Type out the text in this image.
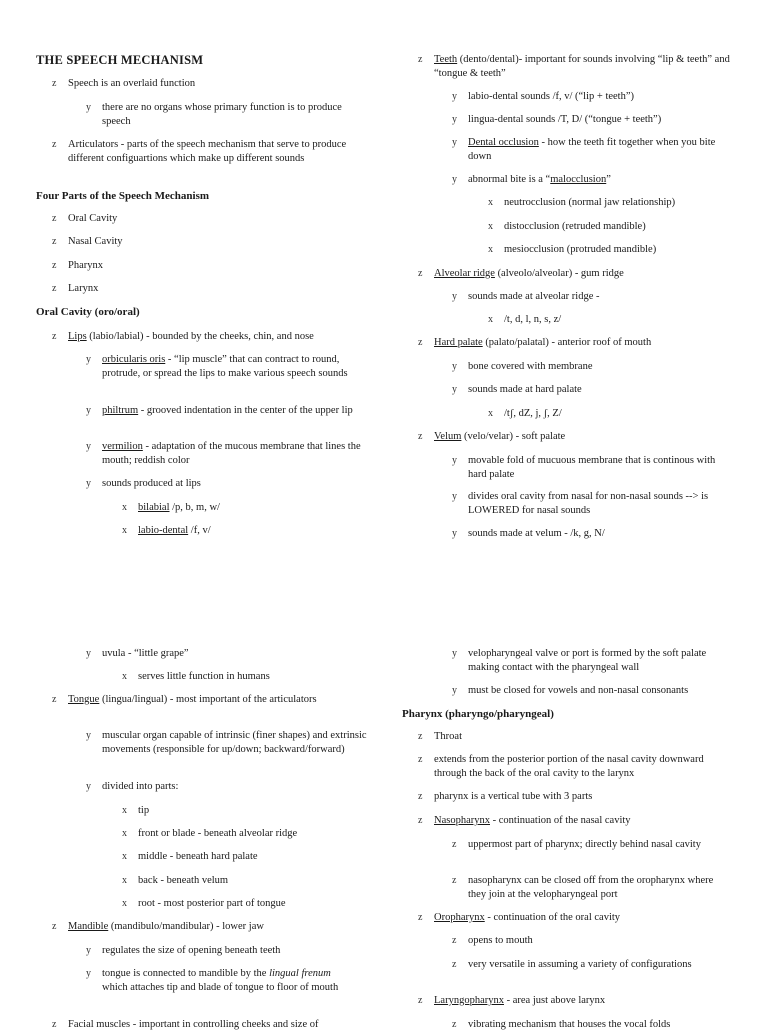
THE SPEECH MECHANISM
z	Speech is an overlaid function
y	there are no organs whose primary function is to produce speech
z	Articulators - parts of the speech mechanism that serve to produce different configuartions which make up different sounds
Four Parts of the Speech Mechanism
z	Oral Cavity
z	Nasal Cavity
z	Pharynx
z	Larynx
Oral Cavity (oro/oral)
z	Lips (labio/labial) - bounded by the cheeks, chin, and nose
y	orbicularis oris - “lip muscle” that can contract to round, protrude, or spread the lips to make various speech sounds
y	philtrum - grooved indentation in the center of the upper lip
y	vermilion - adaptation of the mucous membrane that lines the mouth; reddish color
y	sounds produced at lips
x	bilabial /p, b, m, w/
x	labio-dental /f, v/
y	uvula - “little grape”
x	serves little function in humans
z	Tongue (lingua/lingual) - most important of the articulators
y	muscular organ capable of intrinsic (finer shapes) and extrinsic movements (responsible for up/down; backward/forward)
y	divided into parts:
x	tip
x	front or blade - beneath alveolar ridge
x	middle - beneath hard palate
x	back - beneath velum
x	root - most posterior part of tongue
z	Mandible (mandibulo/mandibular) - lower jaw
y	regulates the size of opening beneath teeth
y	tongue is connected to mandible by the lingual frenum which attaches tip and blade of tongue to floor of mouth
z	Facial muscles - important in controlling cheeks and size of
z	Teeth (dento/dental)- important for sounds involving “lip & teeth” and “tongue & teeth”
y	labio-dental sounds /f, v/ (“lip + teeth”)
y	lingua-dental sounds /T, D/ (“tongue + teeth”)
y	Dental occlusion - how the teeth fit together when you bite down
y	abnormal bite is a “malocclusion”
x	neutrocclusion (normal jaw relationship)
x	distocclusion (retruded mandible)
x	mesiocclusion (protruded mandible)
z	Alveolar ridge (alveolo/alveolar) - gum ridge
y	sounds made at alveolar ridge -
x	/t, d, l, n, s, z/
z	Hard palate (palato/palatal) - anterior roof of mouth
y	bone covered with membrane
y	sounds made at hard palate
x	/tʃ, dZ, j, ʃ, Z/
z	Velum (velo/velar) - soft palate
y	movable fold of mucuous membrane that is continous with hard palate
y	divides oral cavity from nasal for non-nasal sounds --> is LOWERED for nasal sounds
y	sounds made at velum - /k, g, N/
y	velopharyngeal valve or port is formed by the soft palate making contact with the pharyngeal wall
y	must be closed for vowels and non-nasal consonants
Pharynx (pharyngo/pharyngeal)
z	Throat
z	extends from the posterior portion of the nasal cavity downward through the back of the oral cavity to the larynx
z	pharynx is a vertical tube with 3 parts
z	Nasopharynx - continuation of the nasal cavity
z	uppermost part of pharynx; directly behind nasal cavity
z	nasopharynx can be closed off from the oropharynx where they join at the velopharyngeal port
z	Oropharynx - continuation of the oral cavity
z	opens to mouth
z	very versatile in assuming a variety of configurations
z	Laryngopharynx - area just above larynx
z	vibrating mechanism that houses the vocal folds
